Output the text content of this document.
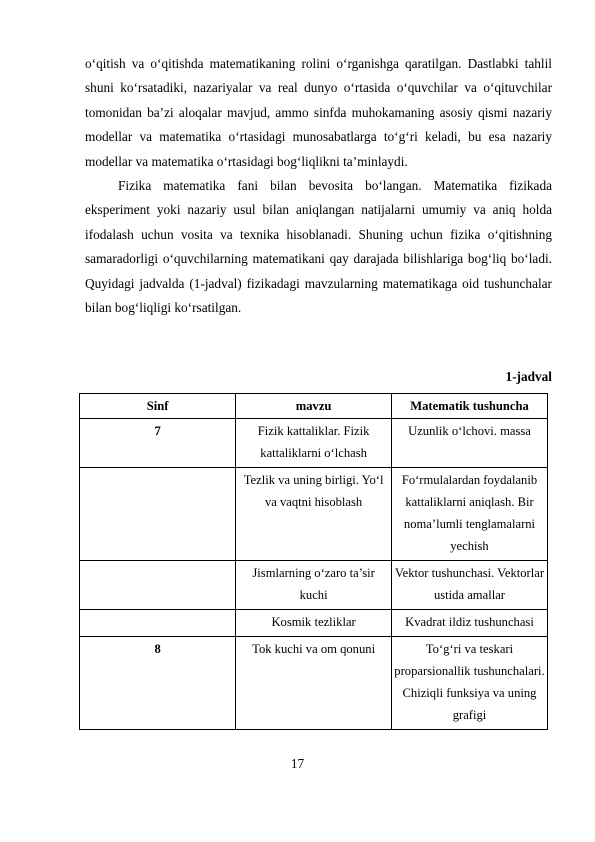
o‘qitish va o‘qitishda matematikaning rolini o‘rganishga qaratilgan. Dastlabki tahlil shuni ko‘rsatadiki, nazariyalar va real dunyo o‘rtasida o‘quvchilar va o‘qituvchilar tomonidan ba’zi aloqalar mavjud, ammo sinfda muhokamaning asosiy qismi nazariy modellar va matematika o‘rtasidagi munosabatlarga to‘g‘ri keladi, bu esa nazariy modellar va matematika o‘rtasidagi bog‘liqlikni ta’minlaydi.

Fizika matematika fani bilan bevosita bo‘langan. Matematika fizikada eksperiment yoki nazariy usul bilan aniqlangan natijalarni umumiy va aniq holda ifodalash uchun vosita va texnika hisoblanadi. Shuning uchun fizika o‘qitishning samaradorligi o‘quvchilarning matematikani qay darajada bilishlariga bog‘liq bo‘ladi. Quyidagi jadvalda (1-jadval) fizikadagi mavzularning matematikaga oid tushunchalar bilan bog‘liqligi ko‘rsatilgan.

1-jadval

Sinf	mavzu	Matematik tushuncha
7	Fizik kattaliklar. Fizik kattaliklarni o‘lchash	Uzunlik o‘lchovi. massa
	Tezlik va uning birligi. Yo‘l va vaqtni hisoblash	Fo‘rmulalardan foydalanib kattaliklarni aniqlash. Bir noma’lumli tenglamalarni yechish
	Jismlarning o‘zaro ta’sir kuchi	Vektor tushunchasi. Vektorlar ustida amallar
	Kosmik tezliklar	Kvadrat ildiz tushunchasi
8	Tok kuchi va om qonuni	To‘g‘ri va teskari proparsionallik tushunchalari. Chiziqli funksiya va uning grafigi
17
